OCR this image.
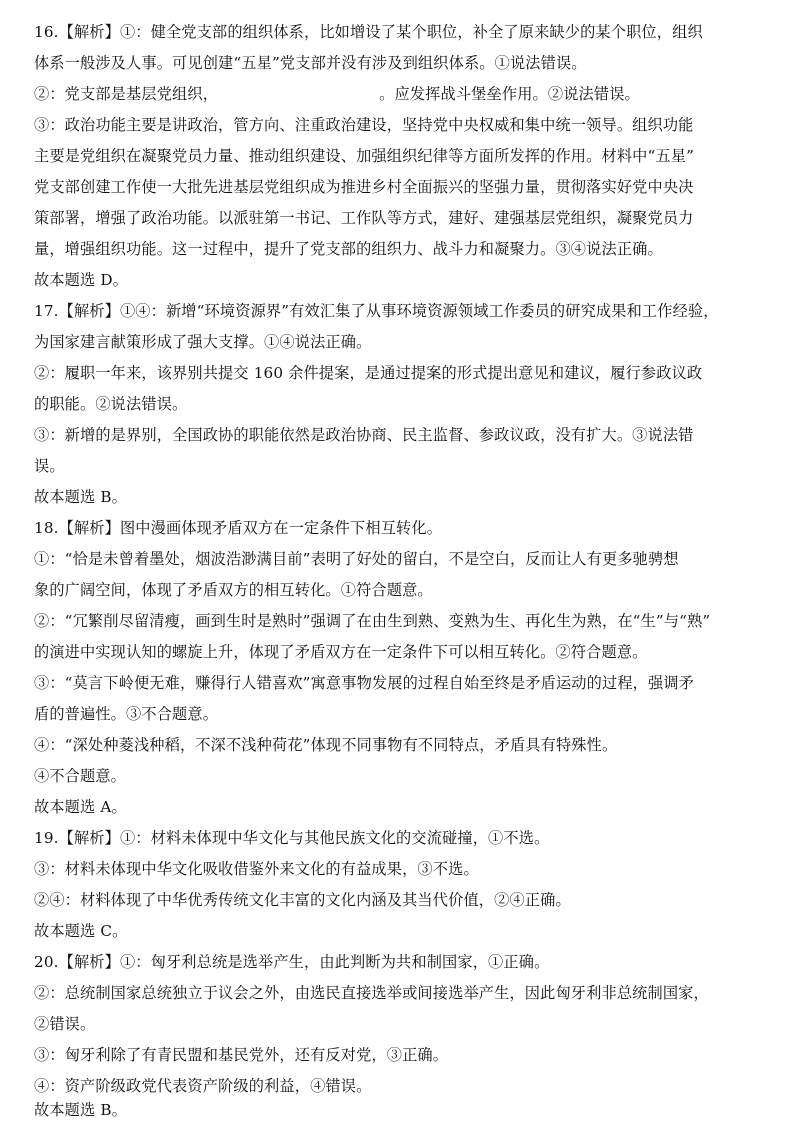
16.【解析】①：健全党支部的组织体系，比如增设了某个职位，补全了原来缺少的某个职位，组织
体系一般涉及人事。可见创建“五星”党支部并没有涉及到组织体系。①说法错误。
②：党支部是基层党组织，　　　　　　　　　　　。应发挥战斗堡垒作用。②说法错误。
③：政治功能主要是讲政治，管方向、注重政治建设，坚持党中央权威和集中统一领导。组织功能
主要是党组织在凝聚党员力量、推动组织建设、加强组织纪律等方面所发挥的作用。材料中“五星”
党支部创建工作使一大批先进基层党组织成为推进乡村全面振兴的坚强力量，贯彻落实好党中央决
策部署，增强了政治功能。以派驻第一书记、工作队等方式，建好、建强基层党组织，凝聚党员力
量，增强组织功能。这一过程中，提升了党支部的组织力、战斗力和凝聚力。③④说法正确。
故本题选 D。
17.【解析】①④：新增“环境资源界”有效汇集了从事环境资源领域工作委员的研究成果和工作经验，
为国家建言献策形成了强大支撑。①④说法正确。
②：履职一年来，该界别共提交 160 余件提案，是通过提案的形式提出意见和建议，履行参政议政
的职能。②说法错误。
③：新增的是界别，全国政协的职能依然是政治协商、民主监督、参政议政，没有扩大。③说法错
误。
故本题选 B。
18.【解析】图中漫画体现矛盾双方在一定条件下相互转化。
①：“恰是未曾着墨处，烟波浩渺满目前”表明了好处的留白，不是空白，反而让人有更多驰骋想
象的广阔空间，体现了矛盾双方的相互转化。①符合题意。
②：“冗繁削尽留清瘦，画到生时是熟时”强调了在由生到熟、变熟为生、再化生为熟，在“生”与“熟”
的演进中实现认知的螺旋上升，体现了矛盾双方在一定条件下可以相互转化。②符合题意。
③：“莫言下岭便无难，赚得行人错喜欢”寓意事物发展的过程自始至终是矛盾运动的过程，强调矛
盾的普遍性。③不合题意。
④：“深处种菱浅种稻，不深不浅种荷花”体现不同事物有不同特点，矛盾具有特殊性。
④不合题意。
故本题选 A。
19.【解析】①：材料未体现中华文化与其他民族文化的交流碰撞，①不选。
③：材料未体现中华文化吸收借鉴外来文化的有益成果，③不选。
②④：材料体现了中华优秀传统文化丰富的文化内涵及其当代价值，②④正确。
故本题选 C。
20.【解析】①：匈牙利总统是选举产生，由此判断为共和制国家，①正确。
②：总统制国家总统独立于议会之外，由选民直接选举或间接选举产生，因此匈牙利非总统制国家，
②错误。
③：匈牙利除了有青民盟和基民党外，还有反对党，③正确。
④：资产阶级政党代表资产阶级的利益，④错误。
故本题选 B。
